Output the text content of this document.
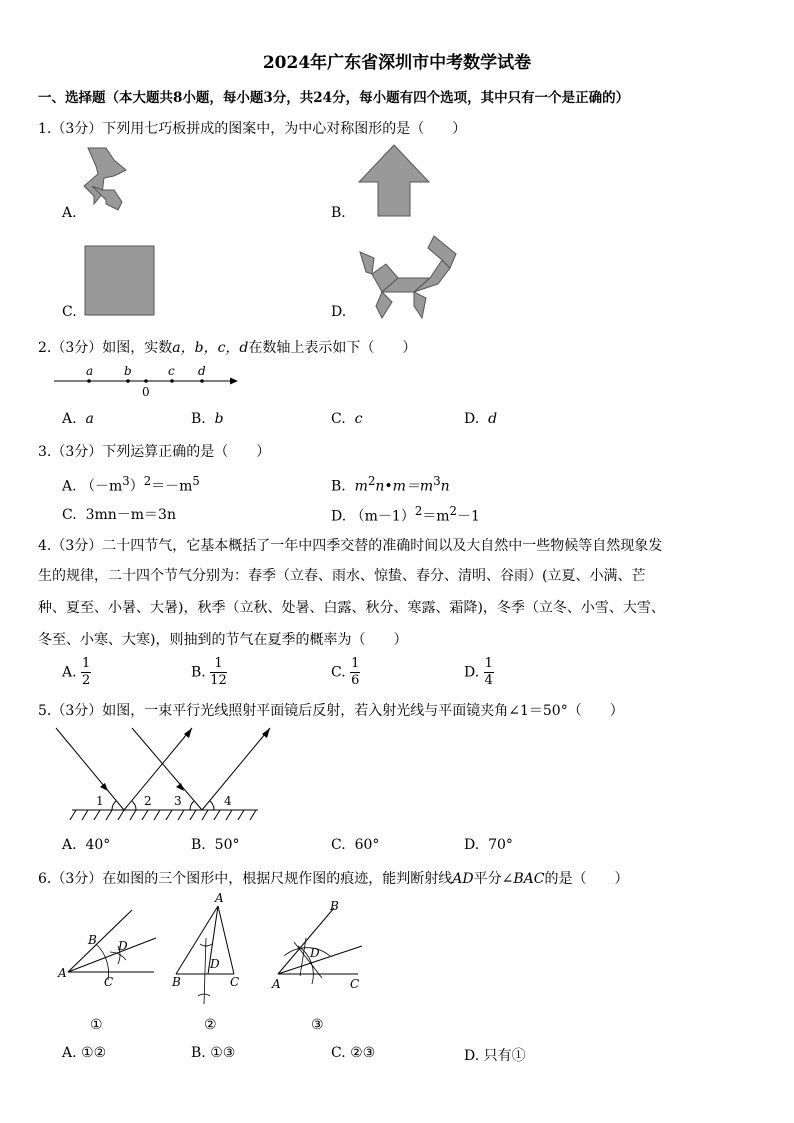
2024年广东省深圳市中考数学试卷
一、选择题（本大题共8小题，每小题3分，共24分，每小题有四个选项，其中只有一个是正确的）
1.（3分）下列用七巧板拼成的图案中，为中心对称图形的是（　　）
A.	B.
C.	D.
2.（3分）如图，实数a，b，c，d在数轴上表示如下（　　）
a	b
0
c d
A. a	B. b	C. c	D. d
3.（3分）下列运算正确的是（　　）
A. $(-m^3)^2=-m^5$	B. $m^2n•m=m^3n$
C. 3mn－m＝3n	D. $(m-1)^2=m^2-1$
4.（3分）二十四节气，它基本概括了一年中四季交替的准确时间以及大自然中一些物候等自然现象发
生的规律，二十四个节气分别为：春季（立春、雨水、惊蛰、春分、清明、谷雨）(立夏、小满、芒
种、夏至、小暑、大暑)，秋季（立秋、处暑、白露、秋分、寒露、霜降)，冬季（立冬、小雪、大雪、
冬至、小寒、大寒)，则抽到的节气在夏季的概率为（　　）
A. $\frac{1}{2}$	B. $\frac{1}{12}$	C. $\frac{1}{6}$	D. $\frac{1}{4}$
5.（3分）如图，一束平行光线照射平面镜后反射，若入射光线与平面镜夹角∠1＝50°（　　）
1	2 3	4
A. 40°	B. 50°	C. 60°	D. 70°
6.（3分）在如图的三个图形中，根据尺规作图的痕迹，能判断射线AD平分∠BAC的是（　　）
A
B D
C
A
D
B	C
B
D
A	C
①	②	③
A. ①②	B. ①③	C. ②③	D. 只有①
